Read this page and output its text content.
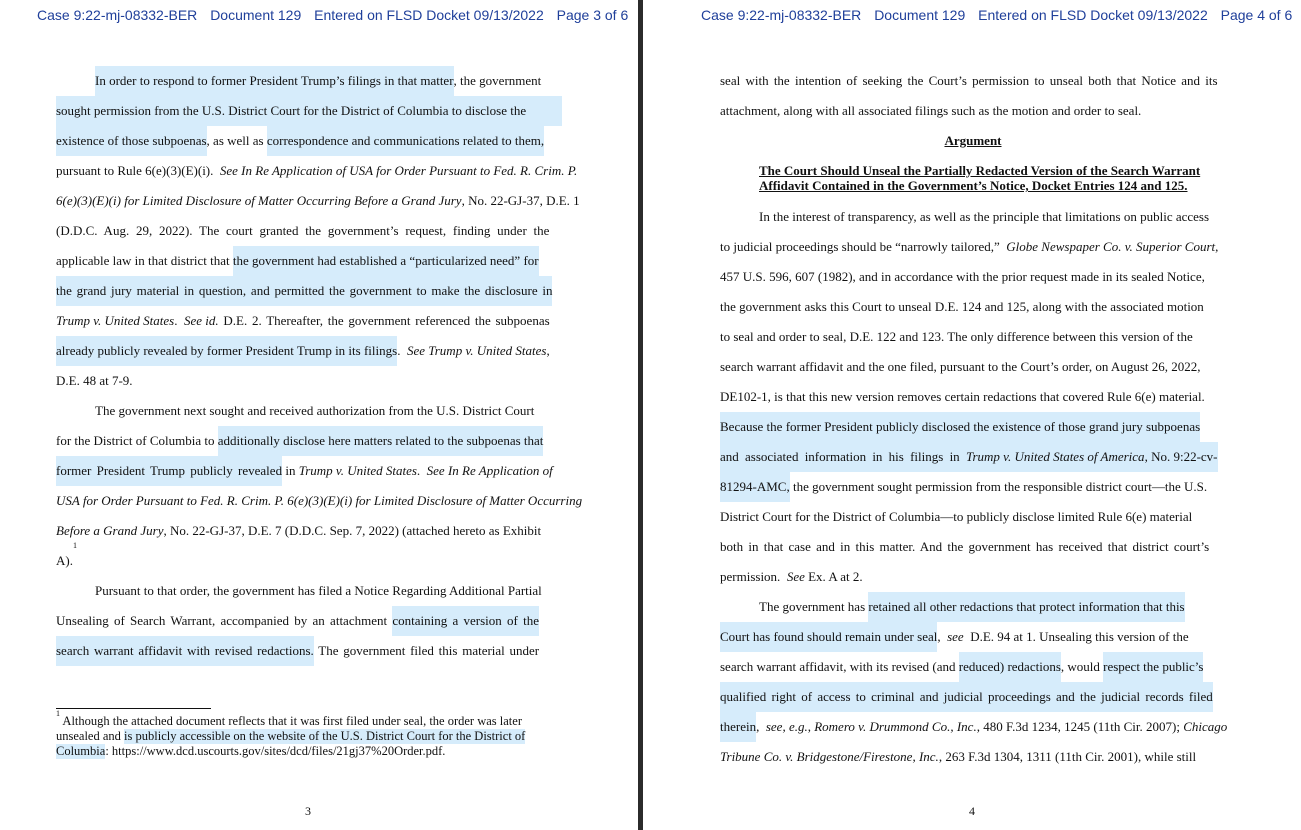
Case 9:22-mj-08332-BER Document 129 Entered on FLSD Docket 09/13/2022 Page 3 of 6
In order to respond to former President Trump’s filings in that matter , the government
sought permission from the U.S. District Court for the District of Columbia to disclose the
existence of those subpoenas , as well as correspondence and communications related to them,
pursuant to Rule 6(e)(3)(E)(i). See In Re Application of USA for Order Pursuant to Fed. R. Crim. P.
6(e)(3)(E)(i) for Limited Disclosure of Matter Occurring Before a Grand Jury , No. 22-GJ-37, D.E. 1
(D.D.C. Aug. 29, 2022). The court granted the government’s request, finding under the
applicable law in that district that the government had established a “particularized need” for
the grand jury material in question, and permitted the government to make the disclosure in
Trump v. United States . See id. D.E. 2. Thereafter, the government referenced the subpoenas
already publicly revealed by former President Trump in its filings . See Trump v. United States ,
D.E. 48 at 7-9.
The government next sought and received authorization from the U.S. District Court
for the District of Columbia to additionally disclose here matters related to the subpoenas that
former President Trump publicly revealed in Trump v. United States . See In Re Application of
USA for Order Pursuant to Fed. R. Crim. P. 6(e)(3)(E)(i) for Limited Disclosure of Matter Occurring
Before a Grand Jury , No. 22-GJ-37, D.E. 7 (D.D.C. Sep. 7, 2022) (attached hereto as Exhibit
A).
1
Pursuant to that order, the government has filed a Notice Regarding Additional Partial
Unsealing of Search Warrant, accompanied by an attachment containing a version of the
search warrant affidavit with revised redactions. The government filed this material under
1
Although the attached document reflects that it was first filed under seal, the order was later
unsealed and is publicly accessible on the website of the U.S. District Court for the District of
Columbia : https://www.dcd.uscourts.gov/sites/dcd/files/21gj37%20Order.pdf.
3
Case 9:22-mj-08332-BER Document 129 Entered on FLSD Docket 09/13/2022 Page 4 of 6
seal with the intention of seeking the Court’s permission to unseal both that Notice and its
attachment, along with all associated filings such as the motion and order to seal.
Argument
The Court Should Unseal the Partially Redacted Version of the Search Warrant
Affidavit Contained in the Government’s Notice, Docket Entries 124 and 125.
In the interest of transparency, as well as the principle that limitations on public access
to judicial proceedings should be “narrowly tailored,” Globe Newspaper Co. v. Superior Court ,
457 U.S. 596, 607 (1982), and in accordance with the prior request made in its sealed Notice,
the government asks this Court to unseal D.E. 124 and 125, along with the associated motion
to seal and order to seal, D.E. 122 and 123. The only difference between this version of the
search warrant affidavit and the one filed, pursuant to the Court’s order, on August 26, 2022,
DE102-1, is that this new version removes certain redactions that covered Rule 6(e) material.
Because the former President publicly disclosed the existence of those grand jury subpoenas
and associated information in his filings in Trump v. United States of America , No. 9:22-cv-
81294-AMC, the government sought permission from the responsible district court—the U.S.
District Court for the District of Columbia—to publicly disclose limited Rule 6(e) material
both in that case and in this matter. And the government has received that district court’s
permission. See Ex. A at 2.
The government has retained all other redactions that protect information that this
Court has found should remain under seal , see D.E. 94 at 1. Unsealing this version of the
search warrant affidavit, with its revised (and reduced) redactions , would respect the public’s
qualified right of access to criminal and judicial proceedings and the judicial records filed
therein , see, e.g. , Romero v. Drummond Co., Inc. , 480 F.3d 1234, 1245 (11th Cir. 2007); Chicago
Tribune Co. v. Bridgestone/Firestone, Inc. , 263 F.3d 1304, 1311 (11th Cir. 2001), while still
4
